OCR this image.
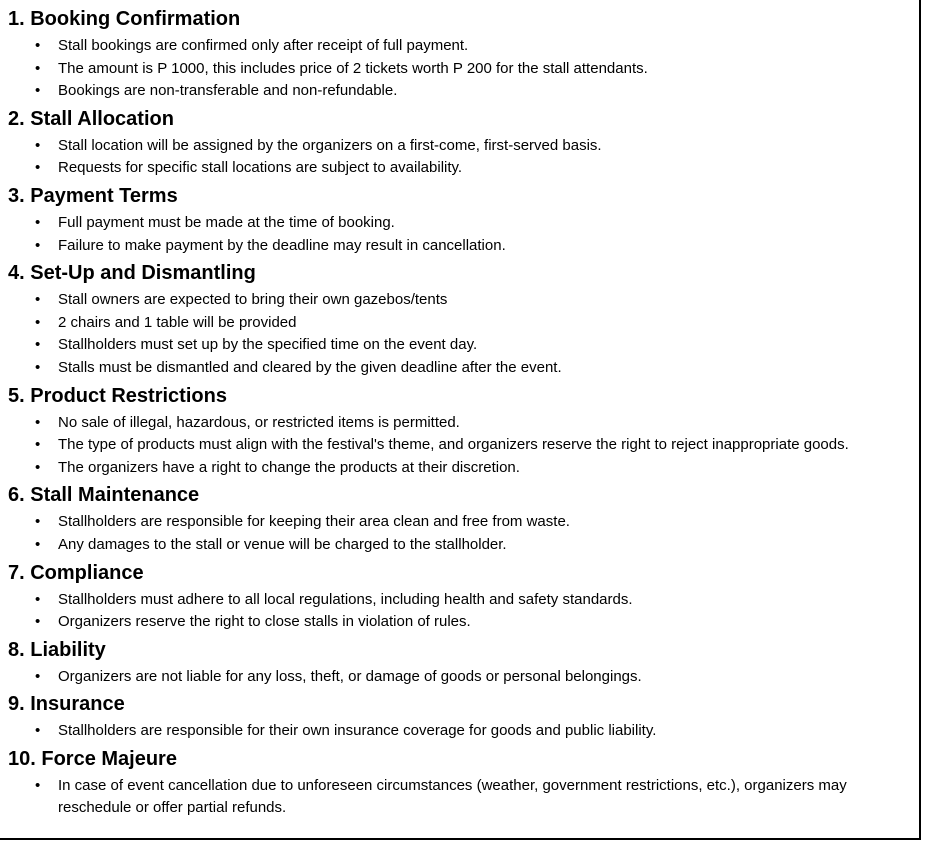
1. Booking Confirmation
• Stall bookings are confirmed only after receipt of full payment.
• The amount is P 1000, this includes price of 2 tickets worth P 200 for the stall attendants.
• Bookings are non-transferable and non-refundable.
2. Stall Allocation
• Stall location will be assigned by the organizers on a first-come, first-served basis.
• Requests for specific stall locations are subject to availability.
3. Payment Terms
• Full payment must be made at the time of booking.
• Failure to make payment by the deadline may result in cancellation.
4. Set-Up and Dismantling
• Stall owners are expected to bring their own gazebos/tents
• 2 chairs and 1 table will be provided
• Stallholders must set up by the specified time on the event day.
• Stalls must be dismantled and cleared by the given deadline after the event.
5. Product Restrictions
• No sale of illegal, hazardous, or restricted items is permitted.
• The type of products must align with the festival's theme, and organizers reserve the right to reject inappropriate goods.
• The organizers have a right to change the products at their discretion.
6. Stall Maintenance
• Stallholders are responsible for keeping their area clean and free from waste.
• Any damages to the stall or venue will be charged to the stallholder.
7. Compliance
• Stallholders must adhere to all local regulations, including health and safety standards.
• Organizers reserve the right to close stalls in violation of rules.
8. Liability
• Organizers are not liable for any loss, theft, or damage of goods or personal belongings.
9. Insurance
• Stallholders are responsible for their own insurance coverage for goods and public liability.
10. Force Majeure
• In case of event cancellation due to unforeseen circumstances (weather, government restrictions, etc.), organizers may reschedule or offer partial refunds.
